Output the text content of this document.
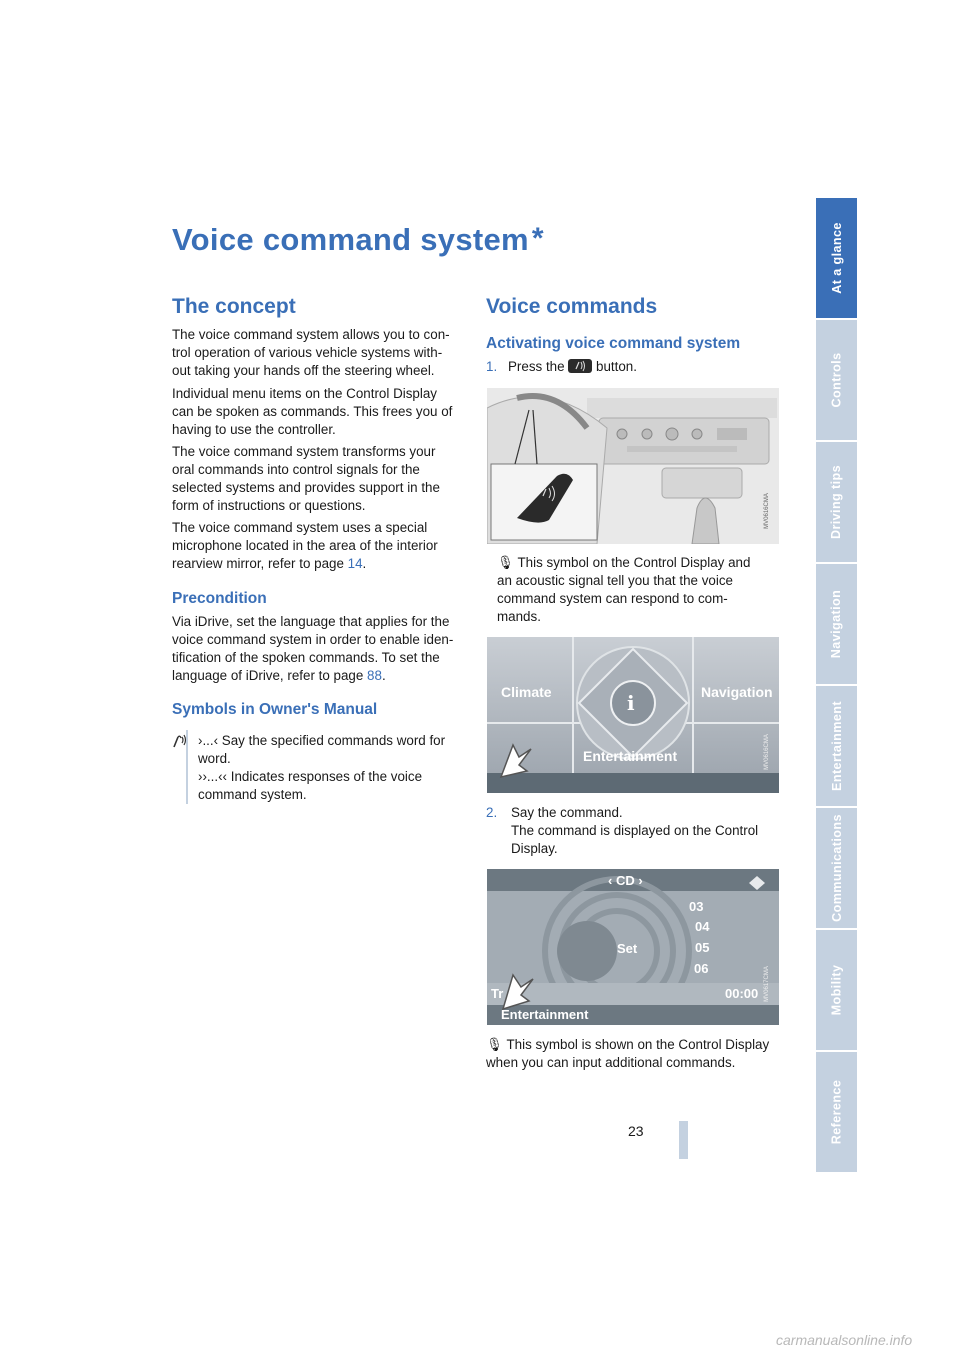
At a glance
Controls
Driving tips
Navigation
Entertainment
Communications
Mobility
Reference
Voice command system *
The concept

The voice command system allows you to con-
trol operation of various vehicle systems with-
out taking your hands off the steering wheel.

Individual menu items on the Control Display
can be spoken as commands. This frees you of
having to use the controller.

The voice command system transforms your
oral commands into control signals for the
selected systems and provides support in the
form of instructions or questions.

The voice command system uses a special
microphone located in the area of the interior
rearview mirror, refer to page 14.

Precondition

Via iDrive, set the language that applies for the
voice command system in order to enable iden-
tification of the spoken commands. To set the
language of iDrive, refer to page 88.

Symbols in Owner's Manual

›...‹ Say the specified commands word for
word.

››...‹‹ Indicates responses of the voice
command system.

Voice commands
Activating voice command system

1. Press the
button.

MV0616CMA

🎙 This symbol on the Control Display and
an acoustic signal tell you that the voice
command system can respond to com-
mands.

Climate	Navigation
Entertainment
i
MV0616CMA

2.	Say the command.
The command is displayed on the Control
Display.

‹ CD ›
03
04
05
06
Set
Tr	00:00
Entertainment
MV0617CMA

🎙 This symbol is shown on the Control Display
when you can input additional commands.

23
carmanualsonline.info
